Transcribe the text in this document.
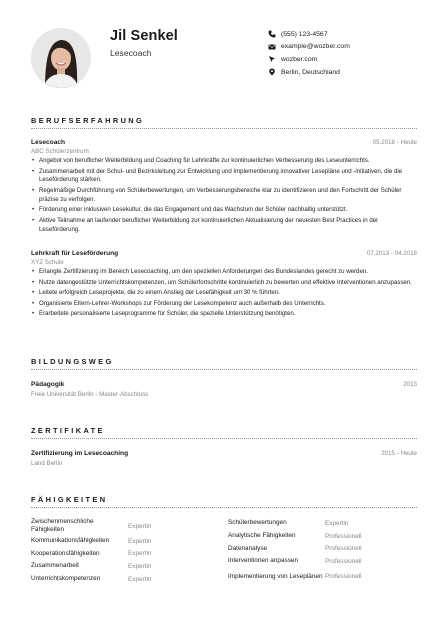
Jil Senkel
Lesecoach
(555) 123-4567
example@wozber.com
wozber.com
Berlin, Deutschland
BERUFSERFAHRUNG
Lesecoach	05.2018 - Heute
ABC Schülerzentrum
• Angebot von beruflicher Weiterbildung und Coaching für Lehrkräfte zur kontinuierlichen Verbesserung des Leseunterrichts.
• Zusammenarbeit mit der Schul- und Bezirksleitung zur Entwicklung und Implementierung innovativer Lesepläne und -initiativen, die die Leseförderung stärken.
• Regelmäßige Durchführung von Schülerbewertungen, um Verbesserungsbereiche klar zu identifizieren und den Fortschritt der Schüler präzise zu verfolgen.
• Förderung einer inklusiven Lesekultur, die das Engagement und das Wachstum der Schüler nachhaltig unterstützt.
• Aktive Teilnahme an laufender beruflicher Weiterbildung zur kontinuierlichen Aktualisierung der neuesten Best Practices in der Leseförderung.
Lehrkraft für Leseförderung	07.2013 - 04.2018
XYZ Schule
• Erlangte Zertifizierung im Bereich Lesecoaching, um den speziellen Anforderungen des Bundeslandes gerecht zu werden.
• Nutze datengestützte Unterrichtskompetenzen, um Schülerfortschritte kontinuierlich zu bewerten und effektive Interventionen anzupassen.
• Leitete erfolgreich Leseprojekte, die zu einem Anstieg der Lesefähigkeit um 30 % führten.
• Organisierte Eltern-Lehrer-Workshops zur Förderung der Lesekompetenz auch außerhalb des Unterrichts.
• Erarbeitete personalisierte Leseprogramme für Schüler, die spezielle Unterstützung benötigten.
BILDUNGSWEG
Pädagogik	2013
Freie Universität Berlin - Master-Abschluss
ZERTIFIKATE
Zertifizierung im Lesecoaching	2015 - Heute
Land Berlin
FÄHIGKEITEN
Zwischenmenschliche Fähigkeiten	Expertin
Kommunikationsfähigkeiten	Expertin
Kooperationsfähigkeiten	Expertin
Zusammenarbeit	Expertin
Unterrichtskompetenzen	Expertin
Schülerbewertungen	Expertin
Analytische Fähigkeiten	Professionell
Datenanalyse	Professionell
Interventionen anpassen	Professionell
Implementierung von Leseplänen Professionell
